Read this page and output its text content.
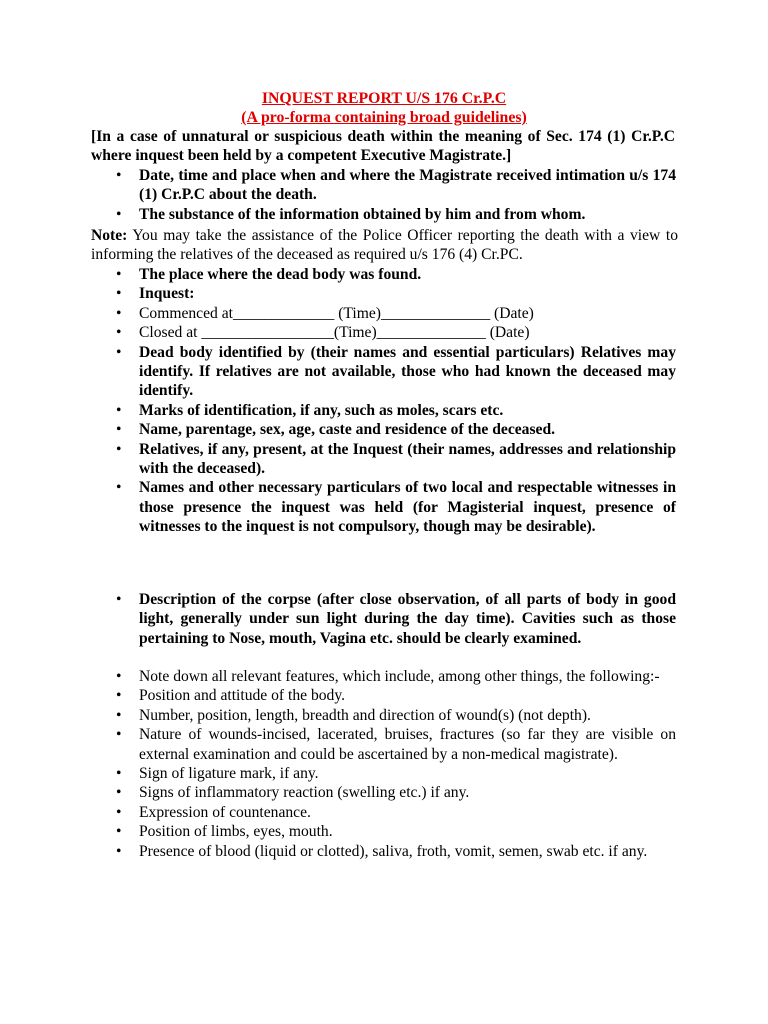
INQUEST REPORT U/S 176 Cr.P.C
(A pro-forma containing broad guidelines)
[In a case of unnatural or suspicious death within the meaning of Sec. 174 (1) Cr.P.C where inquest been held by a competent Executive Magistrate.]
• Date, time and place when and where the Magistrate received intimation u/s 174 (1) Cr.P.C about the death.
• The substance of the information obtained by him and from whom.
Note: You may take the assistance of the Police Officer reporting the death with a view to informing the relatives of the deceased as required u/s 176 (4) Cr.PC.
• The place where the dead body was found.
• Inquest:
• Commenced at_____________ (Time)______________ (Date)
• Closed at _________________(Time)______________ (Date)
• Dead body identified by (their names and essential particulars) Relatives may identify. If relatives are not available, those who had known the deceased may identify.
• Marks of identification, if any, such as moles, scars etc.
• Name, parentage, sex, age, caste and residence of the deceased.
• Relatives, if any, present, at the Inquest (their names, addresses and relationship with the deceased).
• Names and other necessary particulars of two local and respectable witnesses in those presence the inquest was held (for Magisterial inquest, presence of witnesses to the inquest is not compulsory, though may be desirable).
• Description of the corpse (after close observation, of all parts of body in good light, generally under sun light during the day time). Cavities such as those pertaining to Nose, mouth, Vagina etc. should be clearly examined.
• Note down all relevant features, which include, among other things, the following:-
• Position and attitude of the body.
• Number, position, length, breadth and direction of wound(s) (not depth).
• Nature of wounds-incised, lacerated, bruises, fractures (so far they are visible on external examination and could be ascertained by a non-medical magistrate).
• Sign of ligature mark, if any.
• Signs of inflammatory reaction (swelling etc.) if any.
• Expression of countenance.
• Position of limbs, eyes, mouth.
• Presence of blood (liquid or clotted), saliva, froth, vomit, semen, swab etc. if any.
